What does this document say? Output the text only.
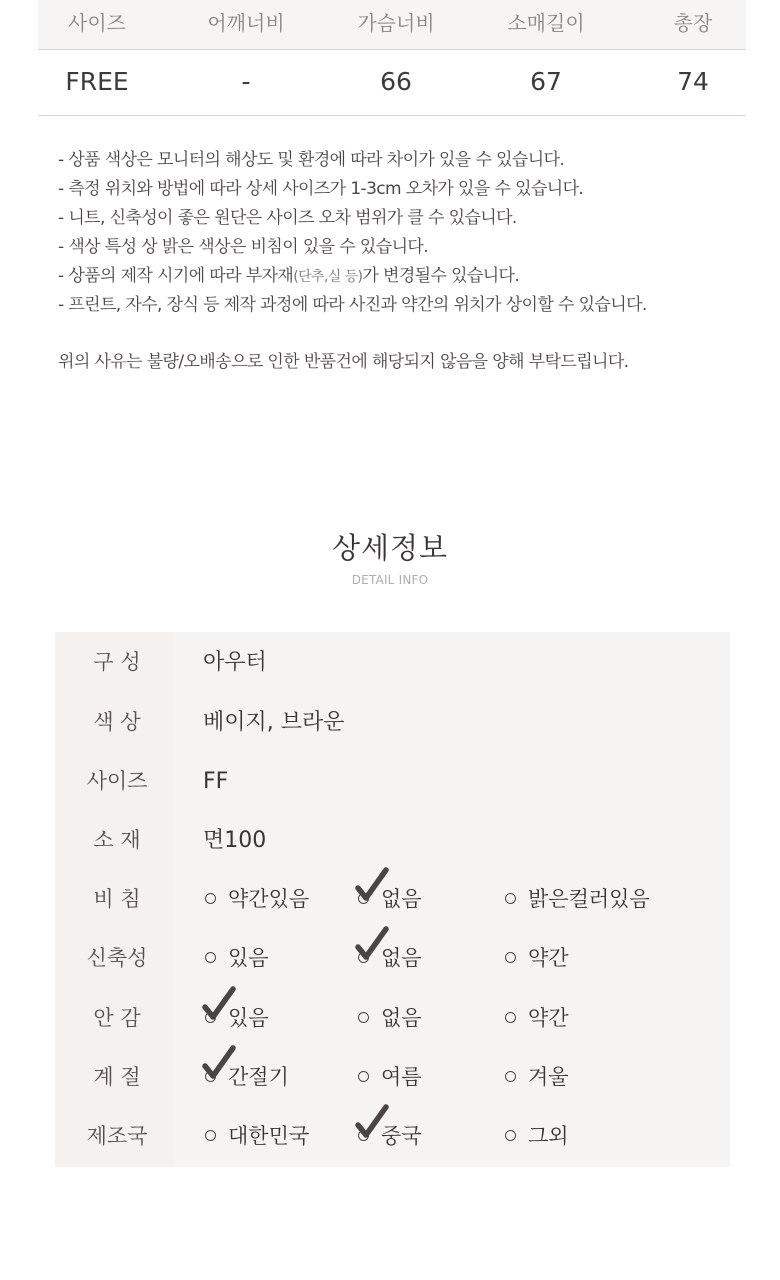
사이즈	어깨너비	가슴너비	소매길이	총장
FREE	-	66	67	74
- 상품 색상은 모니터의 해상도 및 환경에 따라 차이가 있을 수 있습니다.
- 측정 위치와 방법에 따라 상세 사이즈가 1-3cm 오차가 있을 수 있습니다.
- 니트, 신축성이 좋은 원단은 사이즈 오차 범위가 클 수 있습니다.
- 색상 특성 상 밝은 색상은 비침이 있을 수 있습니다.
- 상품의 제작 시기에 따라 부자재(단추,실 등)가 변경될수 있습니다.
- 프린트, 자수, 장식 등 제작 과정에 따라 사진과 약간의 위치가 상이할 수 있습니다.
위의 사유는 불량/오배송으로 인한 반품건에 해당되지 않음을 양해 부탁드립니다.
상세정보
DETAIL INFO
구 성	아우터
색 상	베이지, 브라운
사이즈	FF
소 재	면100
비 침	약간있음	없음	밝은컬러있음
신축성	있음	없음	약간
안 감	있음	없음	약간
계 절	간절기	여름	겨울
제조국	대한민국	중국	그외
